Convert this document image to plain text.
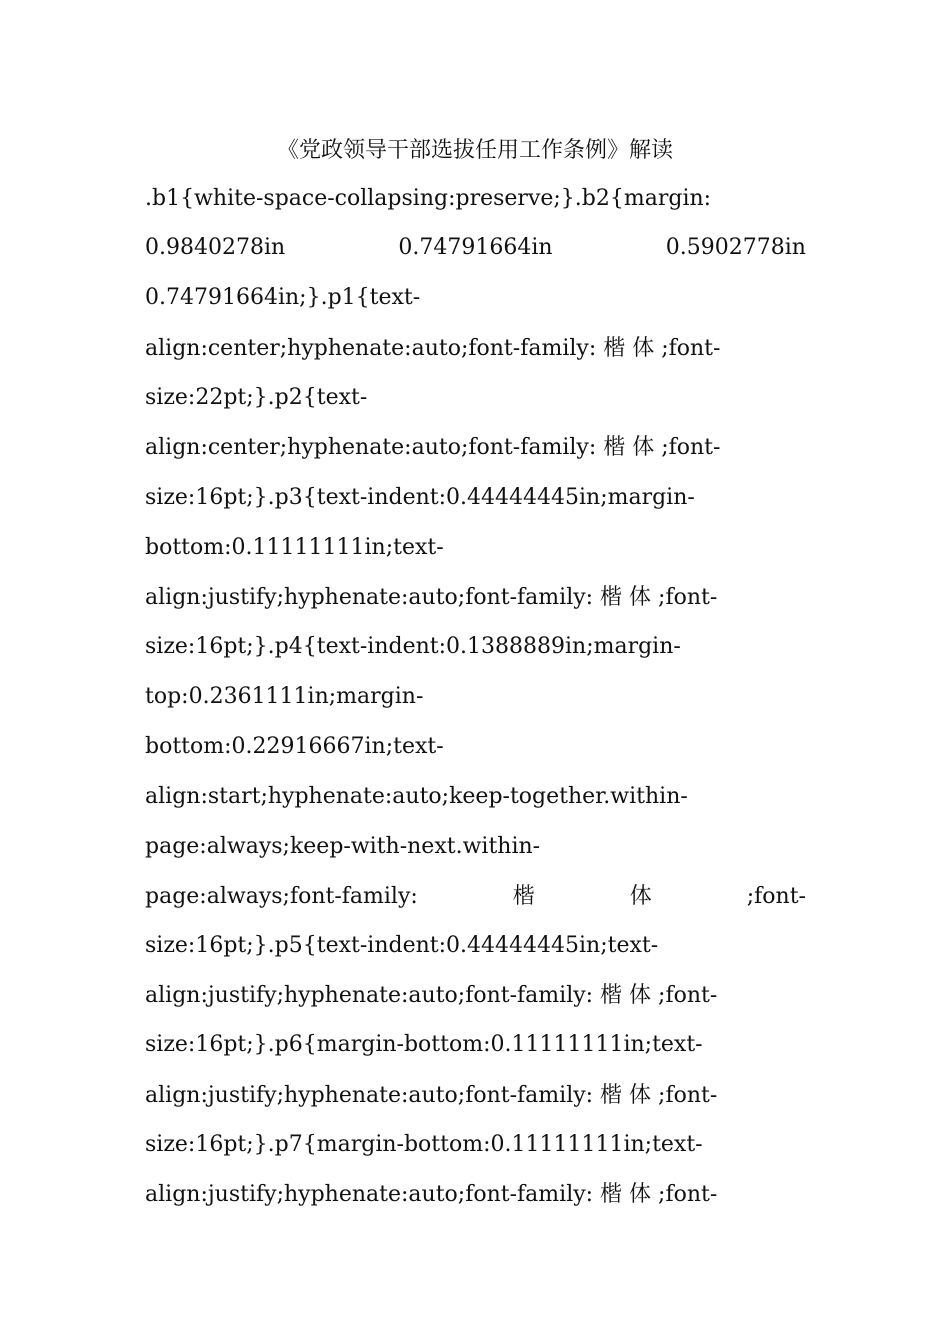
《党政领导干部选拔任用工作条例》解读
.b1{white-space-collapsing:preserve;}.b2{margin:
0.9840278in	0.74791664in	0.5902778in
0.74791664in;}.p1{text-
align:center;hyphenate:auto;font-family: 楷 体 ;font-
size:22pt;}.p2{text-
align:center;hyphenate:auto;font-family: 楷 体 ;font-
size:16pt;}.p3{text-indent:0.44444445in;margin-
bottom:0.11111111in;text-
align:justify;hyphenate:auto;font-family: 楷 体 ;font-
size:16pt;}.p4{text-indent:0.1388889in;margin-
top:0.2361111in;margin-
bottom:0.22916667in;text-
align:start;hyphenate:auto;keep-together.within-
page:always;keep-with-next.within-
page:always;font-family:	楷	体	;font-
size:16pt;}.p5{text-indent:0.44444445in;text-
align:justify;hyphenate:auto;font-family: 楷 体 ;font-
size:16pt;}.p6{margin-bottom:0.11111111in;text-
align:justify;hyphenate:auto;font-family: 楷 体 ;font-
size:16pt;}.p7{margin-bottom:0.11111111in;text-
align:justify;hyphenate:auto;font-family: 楷 体 ;font-
